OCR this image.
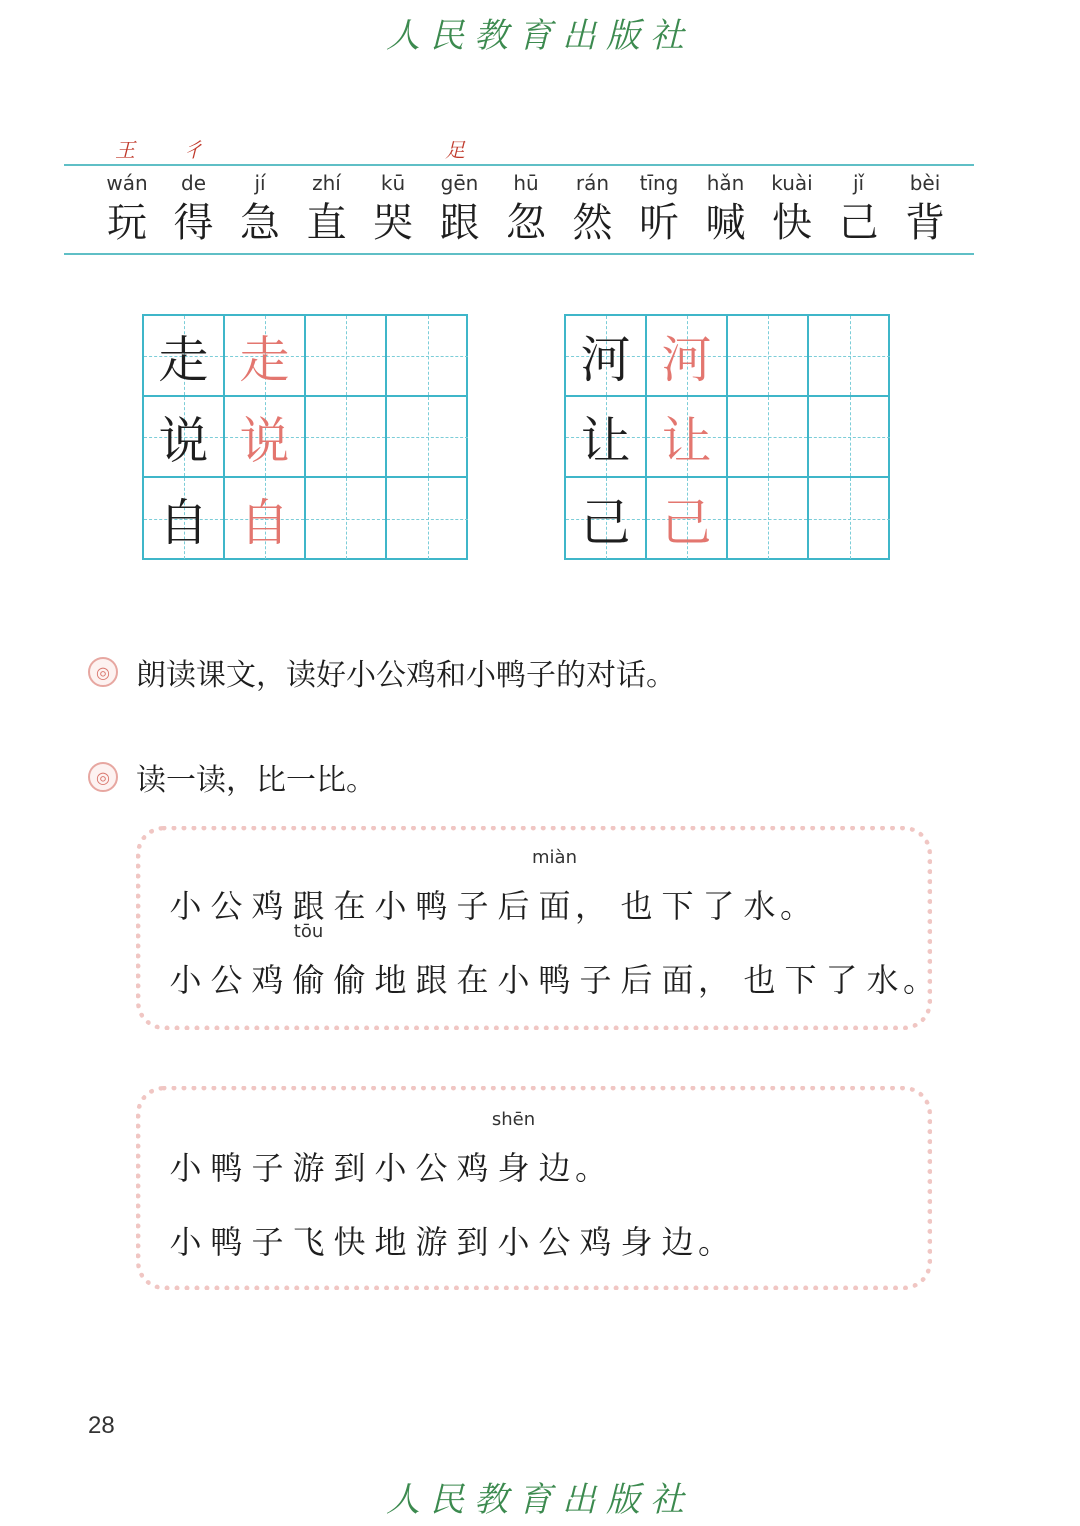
人民教育出版社
王 彳	足
wán
玩
de
得
jí
急
zhí
直
kū
哭
gēn
跟
hū
忽
rán
然
tīng
听
hǎn
喊
kuài
快
jǐ
己
bèi
背
走 走
说 说
自 自
河 河
让 让
己 己
◎ 朗读课文，读好小公鸡和小鸭子的对话。
◎ 读一读，比一比。
小 公 鸡 跟 在 小 鸭 子 后 面
miàn
， 也 下 了 水 。
小 公 鸡 偷
tōu
偷 地 跟 在 小 鸭 子 后 面 ， 也 下 了 水 。
小 鸭 子 游 到 小 公 鸡 身
shēn
边 。
小 鸭 子 飞 快 地 游 到 小 公 鸡 身 边 。
28
人民教育出版社
